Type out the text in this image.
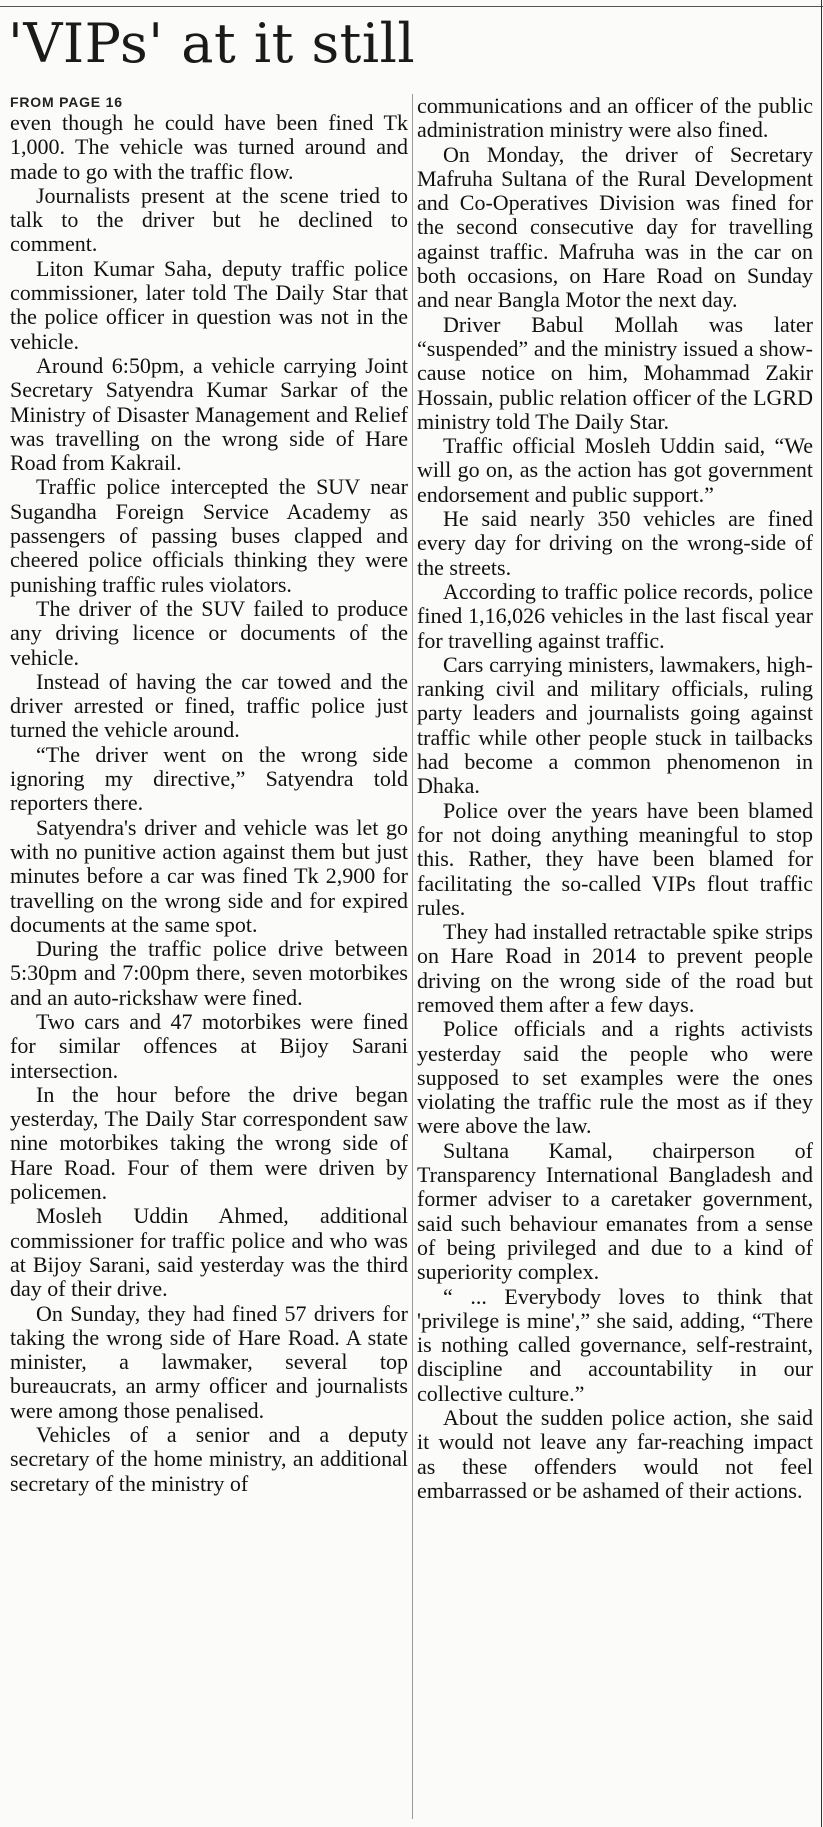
'VIPs' at it still

FROM PAGE 16

even though he could have been fined Tk 1,000. The vehicle was turned around and made to go with the traffic flow.

Journalists present at the scene tried to talk to the driver but he declined to comment.

Liton Kumar Saha, deputy traffic police commissioner, later told The Daily Star that the police officer in question was not in the vehicle.

Around 6:50pm, a vehicle carrying Joint Secretary Satyendra Kumar Sarkar of the Ministry of Disaster Management and Relief was travelling on the wrong side of Hare Road from Kakrail.

Traffic police intercepted the SUV near Sugandha Foreign Service Academy as passengers of passing buses clapped and cheered police officials thinking they were punishing traffic rules violators.

The driver of the SUV failed to produce any driving licence or documents of the vehicle.

Instead of having the car towed and the driver arrested or fined, traffic police just turned the vehicle around.

“The driver went on the wrong side ignoring my directive,” Satyendra told reporters there.

Satyendra's driver and vehicle was let go with no punitive action against them but just minutes before a car was fined Tk 2,900 for travelling on the wrong side and for expired documents at the same spot.

During the traffic police drive between 5:30pm and 7:00pm there, seven motorbikes and an auto-rickshaw were fined.

Two cars and 47 motorbikes were fined for similar offences at Bijoy Sarani intersection.

In the hour before the drive began yesterday, The Daily Star correspondent saw nine motorbikes taking the wrong side of Hare Road. Four of them were driven by policemen.

Mosleh Uddin Ahmed, additional commissioner for traffic police and who was at Bijoy Sarani, said yesterday was the third day of their drive.

On Sunday, they had fined 57 drivers for taking the wrong side of Hare Road. A state minister, a lawmaker, several top bureaucrats, an army officer and journalists were among those penalised.

Vehicles of a senior and a deputy secretary of the home ministry, an additional secretary of the ministry of

communications and an officer of the public administration ministry were also fined.

On Monday, the driver of Secretary Mafruha Sultana of the Rural Development and Co-Operatives Division was fined for the second consecutive day for travelling against traffic. Mafruha was in the car on both occasions, on Hare Road on Sunday and near Bangla Motor the next day.

Driver Babul Mollah was later “suspended” and the ministry issued a show-cause notice on him, Mohammad Zakir Hossain, public relation officer of the LGRD ministry told The Daily Star.

Traffic official Mosleh Uddin said, “We will go on, as the action has got government endorsement and public support.”

He said nearly 350 vehicles are fined every day for driving on the wrong-side of the streets.

According to traffic police records, police fined 1,16,026 vehicles in the last fiscal year for travelling against traffic.

Cars carrying ministers, lawmakers, high-ranking civil and military officials, ruling party leaders and journalists going against traffic while other people stuck in tailbacks had become a common phenomenon in Dhaka.

Police over the years have been blamed for not doing anything meaningful to stop this. Rather, they have been blamed for facilitating the so-called VIPs flout traffic rules.

They had installed retractable spike strips on Hare Road in 2014 to prevent people driving on the wrong side of the road but removed them after a few days.

Police officials and a rights activists yesterday said the people who were supposed to set examples were the ones violating the traffic rule the most as if they were above the law.

Sultana Kamal, chairperson of Transparency International Bangladesh and former adviser to a caretaker government, said such behaviour emanates from a sense of being privileged and due to a kind of superiority complex.

“ ... Everybody loves to think that 'privilege is mine',” she said, adding, “There is nothing called governance, self-restraint, discipline and accountability in our collective culture.”

About the sudden police action, she said it would not leave any far-reaching impact as these offenders would not feel embarrassed or be ashamed of their actions.
